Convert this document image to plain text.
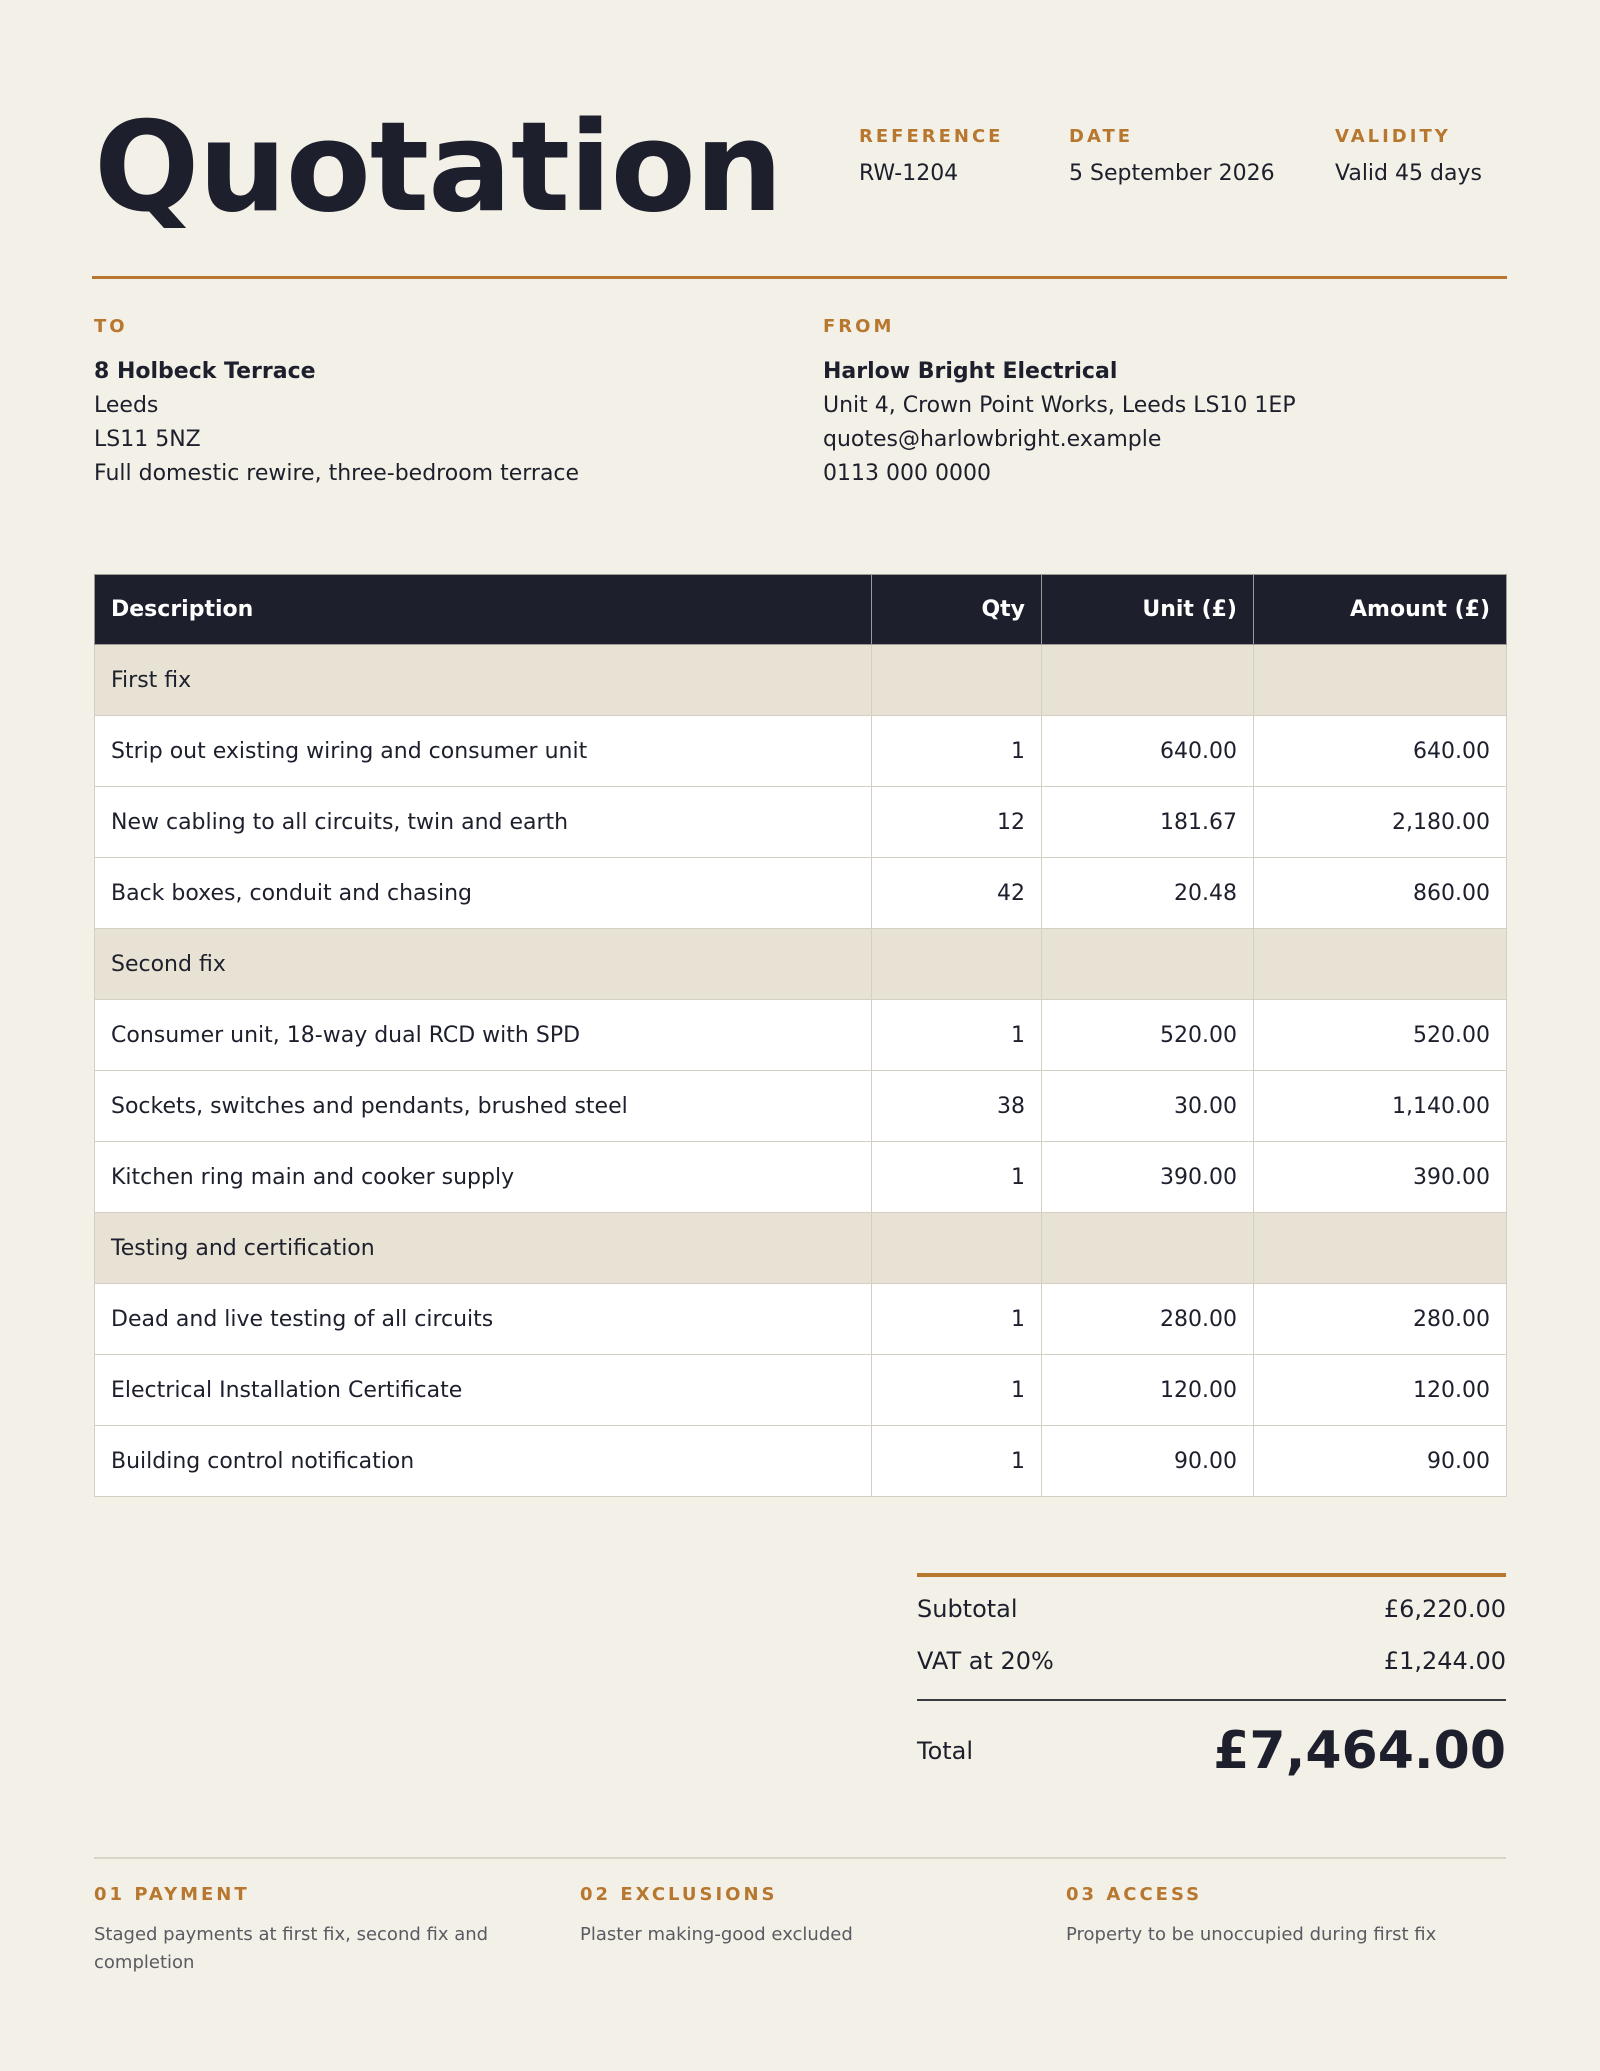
Quotation	REFERENCE
RW-1204
DATE
5 September 2026
VALIDITY
Valid 45 days
TO
8 Holbeck Terrace
Leeds
LS11 5NZ
Full domestic rewire, three-bedroom terrace
FROM
Harlow Bright Electrical
Unit 4, Crown Point Works, Leeds LS10 1EP
quotes@harlowbright.example
0113 000 0000
Description	Qty	Unit (£)	Amount (£)
First fix			
Strip out existing wiring and consumer unit	1	640.00	640.00
New cabling to all circuits, twin and earth	12	181.67	2,180.00
Back boxes, conduit and chasing	42	20.48	860.00
Second fix			
Consumer unit, 18-way dual RCD with SPD	1	520.00	520.00
Sockets, switches and pendants, brushed steel	38	30.00	1,140.00
Kitchen ring main and cooker supply	1	390.00	390.00
Testing and certification			
Dead and live testing of all circuits	1	280.00	280.00
Electrical Installation Certificate	1	120.00	120.00
Building control notification	1	90.00	90.00
Subtotal	£6,220.00
VAT at 20%	£1,244.00
Total	£7,464.00
01 PAYMENT
Staged payments at first fix, second fix and completion
02 EXCLUSIONS
Plaster making-good excluded
03 ACCESS
Property to be unoccupied during first fix
